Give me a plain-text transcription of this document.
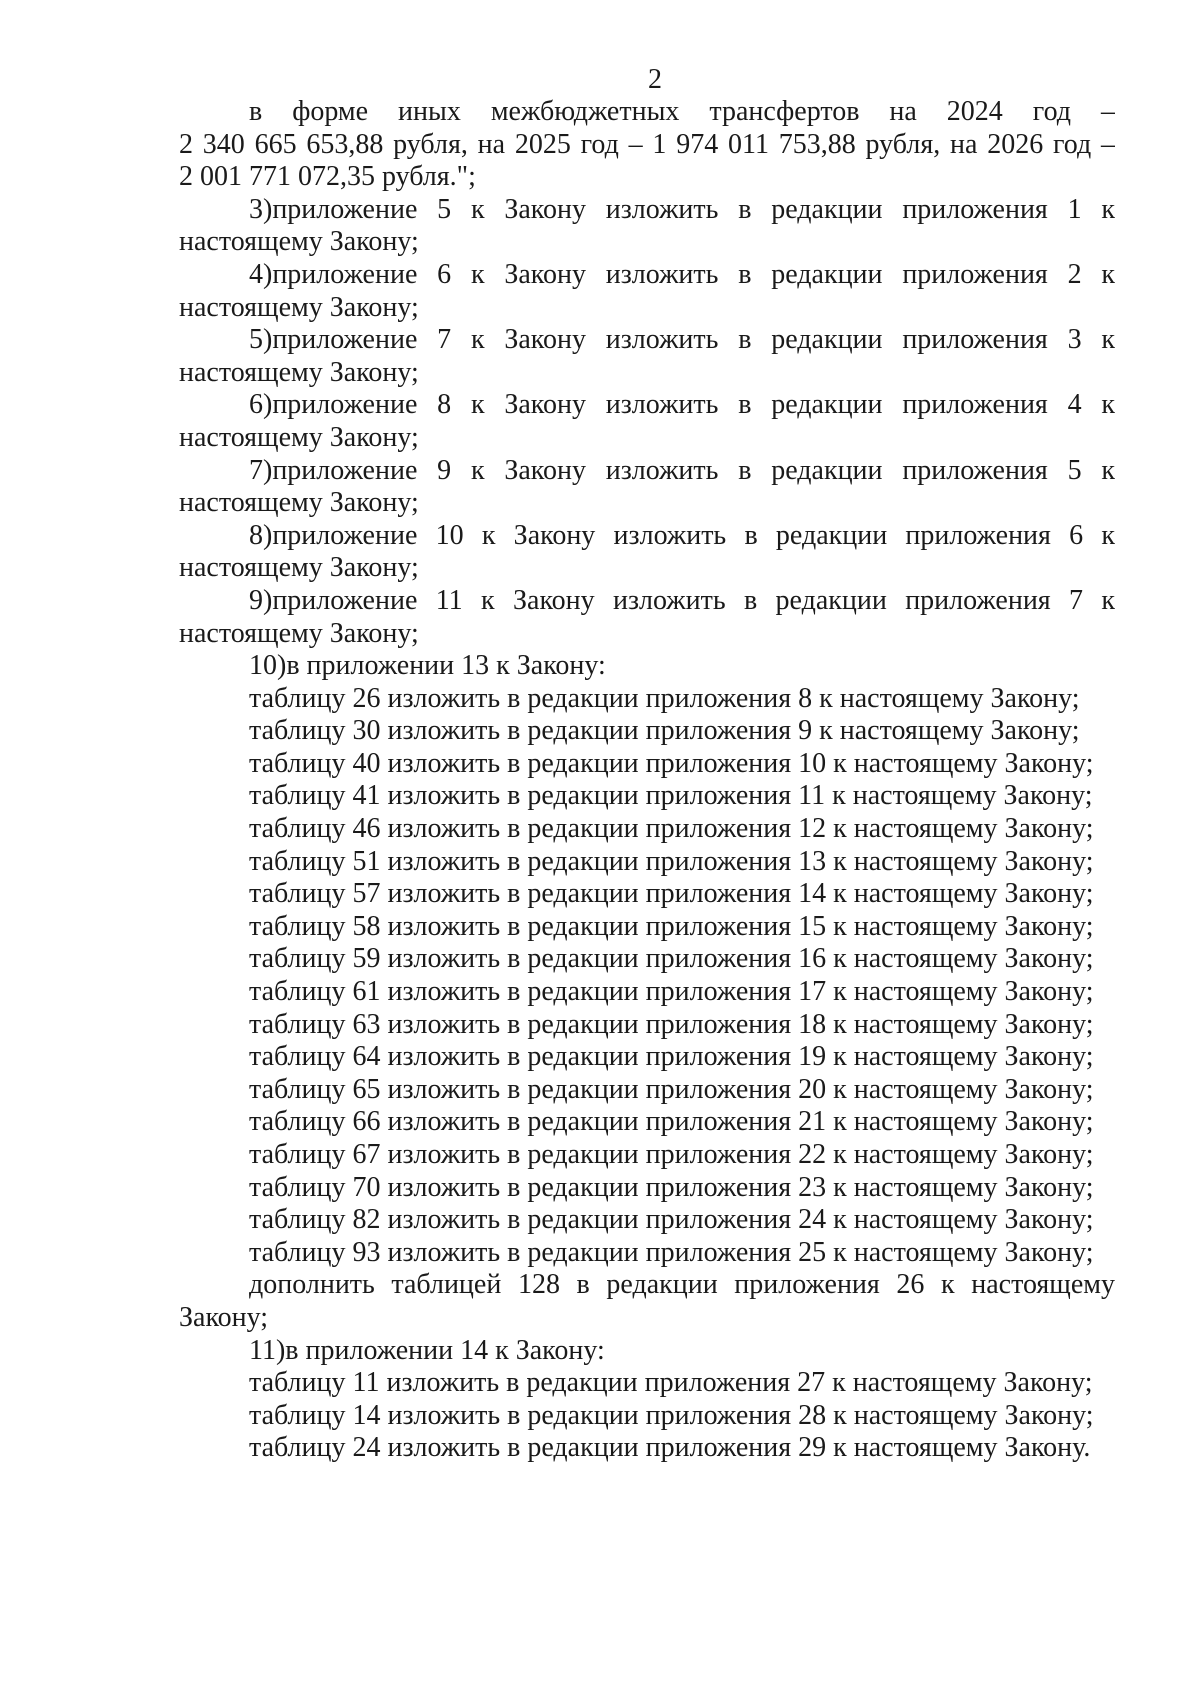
2
в форме иных межбюджетных трансфертов на 2024 год –
2 340 665 653,88 рубля, на 2025 год – 1 974 011 753,88 рубля, на 2026 год –
2 001 771 072,35 рубля.";
3)приложение 5 к Закону изложить в редакции приложения 1 к
настоящему Закону;
4)приложение 6 к Закону изложить в редакции приложения 2 к
настоящему Закону;
5)приложение 7 к Закону изложить в редакции приложения 3 к
настоящему Закону;
6)приложение 8 к Закону изложить в редакции приложения 4 к
настоящему Закону;
7)приложение 9 к Закону изложить в редакции приложения 5 к
настоящему Закону;
8)приложение 10 к Закону изложить в редакции приложения 6 к
настоящему Закону;
9)приложение 11 к Закону изложить в редакции приложения 7 к
настоящему Закону;
10)в приложении 13 к Закону:
таблицу 26 изложить в редакции приложения 8 к настоящему Закону;
таблицу 30 изложить в редакции приложения 9 к настоящему Закону;
таблицу 40 изложить в редакции приложения 10 к настоящему Закону;
таблицу 41 изложить в редакции приложения 11 к настоящему Закону;
таблицу 46 изложить в редакции приложения 12 к настоящему Закону;
таблицу 51 изложить в редакции приложения 13 к настоящему Закону;
таблицу 57 изложить в редакции приложения 14 к настоящему Закону;
таблицу 58 изложить в редакции приложения 15 к настоящему Закону;
таблицу 59 изложить в редакции приложения 16 к настоящему Закону;
таблицу 61 изложить в редакции приложения 17 к настоящему Закону;
таблицу 63 изложить в редакции приложения 18 к настоящему Закону;
таблицу 64 изложить в редакции приложения 19 к настоящему Закону;
таблицу 65 изложить в редакции приложения 20 к настоящему Закону;
таблицу 66 изложить в редакции приложения 21 к настоящему Закону;
таблицу 67 изложить в редакции приложения 22 к настоящему Закону;
таблицу 70 изложить в редакции приложения 23 к настоящему Закону;
таблицу 82 изложить в редакции приложения 24 к настоящему Закону;
таблицу 93 изложить в редакции приложения 25 к настоящему Закону;
дополнить таблицей 128 в редакции приложения 26 к настоящему
Закону;
11)в приложении 14 к Закону:
таблицу 11 изложить в редакции приложения 27 к настоящему Закону;
таблицу 14 изложить в редакции приложения 28 к настоящему Закону;
таблицу 24 изложить в редакции приложения 29 к настоящему Закону.
